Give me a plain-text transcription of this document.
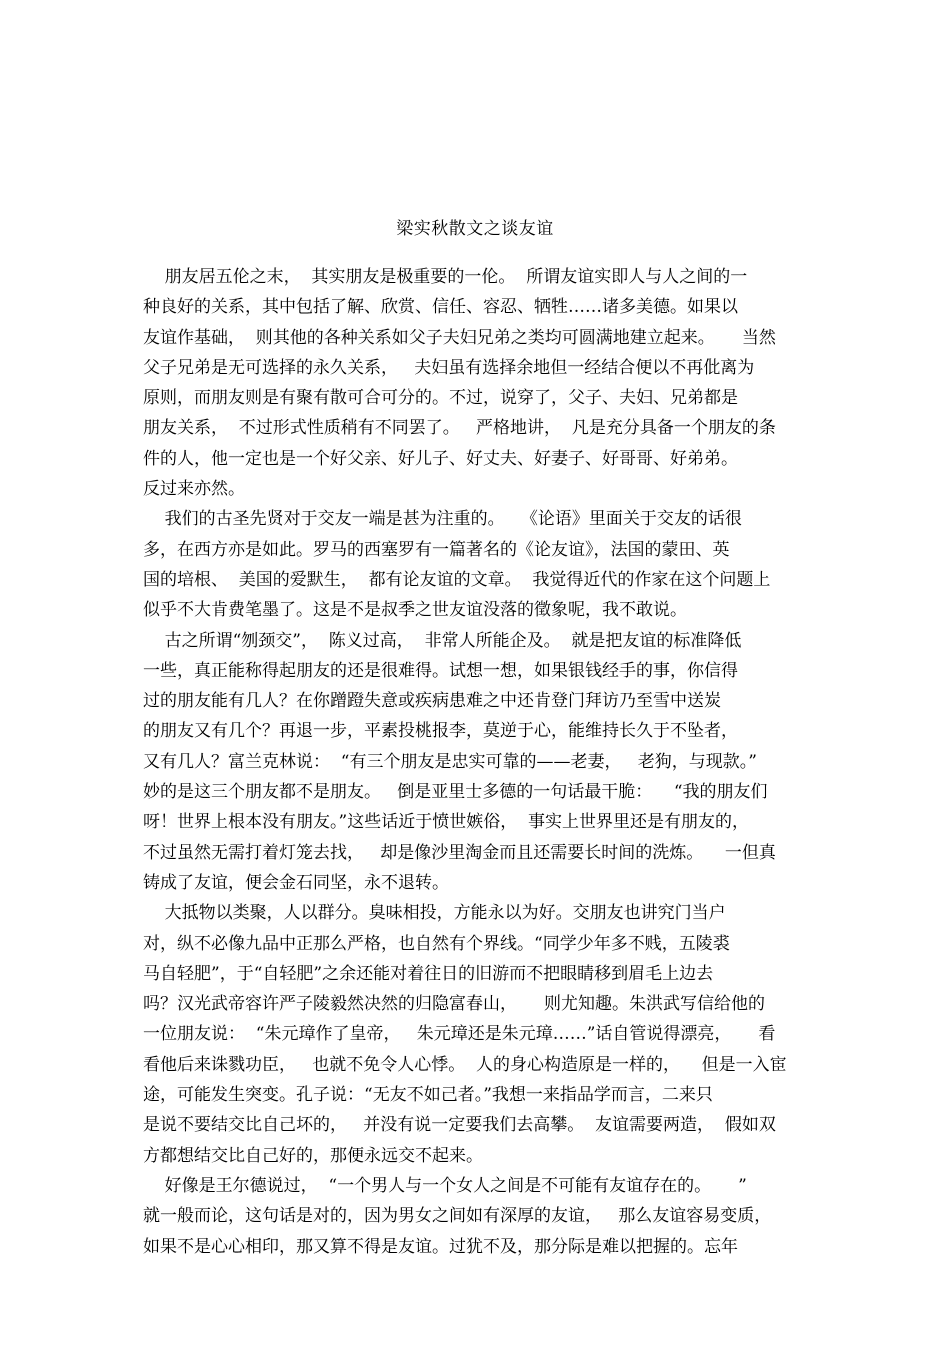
梁实秋散文之谈友谊
朋友居五伦之末，  其实朋友是极重要的一伦。  所谓友谊实即人与人之间的一
种良好的关系，其中包括了解、欣赏、信任、容忍、牺牲……诸多美德。如果以
友谊作基础，  则其他的各种关系如父子夫妇兄弟之类均可圆满地建立起来。     当然
父子兄弟是无可选择的永久关系，   夫妇虽有选择余地但一经结合便以不再仳离为
原则，而朋友则是有聚有散可合可分的。不过，说穿了，父子、夫妇、兄弟都是
朋友关系，  不过形式性质稍有不同罢了。   严格地讲，  凡是充分具备一个朋友的条
件的人，他一定也是一个好父亲、好儿子、好丈夫、好妻子、好哥哥、好弟弟。
反过来亦然。
我们的古圣先贤对于交友一端是甚为注重的。   《论语》里面关于交友的话很
多，在西方亦是如此。罗马的西塞罗有一篇著名的《论友谊》，法国的蒙田、英
国的培根、  美国的爱默生，  都有论友谊的文章。  我觉得近代的作家在这个问题上
似乎不大肯费笔墨了。这是不是叔季之世友谊没落的徵象呢，我不敢说。
古之所谓“刎颈交”，  陈义过高，  非常人所能企及。  就是把友谊的标准降低
一些，真正能称得起朋友的还是很难得。试想一想，如果银钱经手的事，你信得
过的朋友能有几人？在你蹭蹬失意或疾病患难之中还肯登门拜访乃至雪中送炭
的朋友又有几个？再退一步，平素投桃报李，莫逆于心，能维持长久于不坠者，
又有几人？富兰克林说：  “有三个朋友是忠实可靠的——老妻，   老狗，与现款。”
妙的是这三个朋友都不是朋友。   倒是亚里士多德的一句话最干脆：    “我的朋友们
呀！世界上根本没有朋友。”这些话近于愤世嫉俗，  事实上世界里还是有朋友的，
不过虽然无需打着灯笼去找，   却是像沙里淘金而且还需要长时间的洗炼。    一但真
铸成了友谊，便会金石同坚，永不退转。
大抵物以类聚，人以群分。臭味相投，方能永以为好。交朋友也讲究门当户
对，纵不必像九品中正那么严格，也自然有个界线。“同学少年多不贱，五陵裘
马自轻肥”，于“自轻肥”之余还能对着往日的旧游而不把眼睛移到眉毛上边去
吗？汉光武帝容许严子陵毅然决然的归隐富春山，     则尤知趣。朱洪武写信给他的
一位朋友说：  “朱元璋作了皇帝，   朱元璋还是朱元璋……”话自管说得漂亮，     看
看他后来诛戮功臣，   也就不免令人心悸。  人的身心构造原是一样的，    但是一入宦
途，可能发生突变。孔子说：“无友不如己者。”我想一来指品学而言，二来只
是说不要结交比自己坏的，   并没有说一定要我们去高攀。  友谊需要两造，  假如双
方都想结交比自己好的，那便永远交不起来。
好像是王尔德说过，  “一个男人与一个女人之间是不可能有友谊存在的。     ”
就一般而论，这句话是对的，因为男女之间如有深厚的友谊，   那么友谊容易变质，
如果不是心心相印，那又算不得是友谊。过犹不及，那分际是难以把握的。忘年
